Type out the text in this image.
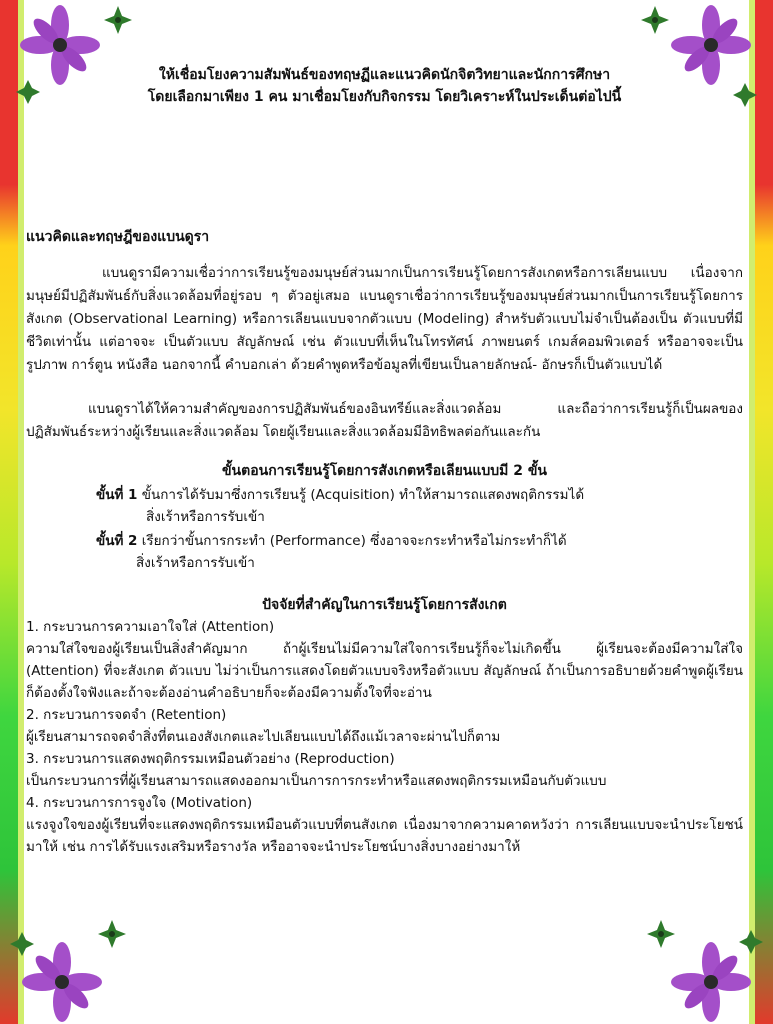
ให้เชื่อมโยงความสัมพันธ์ของทฤษฏีและแนวคิดนักจิตวิทยาและนักการศึกษา
โดยเลือกมาเพียง 1 คน มาเชื่อมโยงกับกิจกรรม โดยวิเคราะห์ในประเด็นต่อไปนี้
แนวคิดและทฤษฎีของแบนดูรา
แบนดูรามีความเชื่อว่าการเรียนรู้ของมนุษย์ส่วนมากเป็นการเรียนรู้โดยการสังเกตหรือการเลียนแบบ เนื่องจากมนุษย์มีปฏิสัมพันธ์กับสิ่งแวดล้อมที่อยู่รอบ ๆ ตัวอยู่เสมอ แบนดูราเชื่อว่าการเรียนรู้ของมนุษย์ส่วนมากเป็นการเรียนรู้โดยการสังเกต (Observational Learning) หรือการเลียนแบบจากตัวแบบ (Modeling) สำหรับตัวแบบไม่จำเป็นต้องเป็น ตัวแบบที่มีชีวิตเท่านั้น แต่อาจจะ เป็นตัวแบบ สัญลักษณ์ เช่น ตัวแบบที่เห็นในโทรทัศน์ ภาพยนตร์ เกมส์คอมพิวเตอร์ หรืออาจจะเป็น รูปภาพ การ์ตูน หนังสือ นอกจากนี้ คำบอกเล่า ด้วยคำพูดหรือข้อมูลที่เขียนเป็นลายลักษณ์- อักษรก็เป็นตัวแบบได้
แบนดูราได้ให้ความสำคัญของการปฏิสัมพันธ์ของอินทรีย์และสิ่งแวดล้อม และถือว่าการเรียนรู้ก็เป็นผลของปฏิสัมพันธ์ระหว่างผู้เรียนและสิ่งแวดล้อม โดยผู้เรียนและสิ่งแวดล้อมมีอิทธิพลต่อกันและกัน
ขั้นตอนการเรียนรู้โดยการสังเกตหรือเลียนแบบมี 2 ขั้น
ขั้นที่ 1 ขั้นการได้รับมาซึ่งการเรียนรู้ (Acquisition) ทำให้สามารถแสดงพฤติกรรมได้
สิ่งเร้าหรือการรับเข้า
ขั้นที่ 2 เรียกว่าขั้นการกระทำ (Performance) ซึ่งอาจจะกระทำหรือไม่กระทำก็ได้
สิ่งเร้าหรือการรับเข้า
ปัจจัยที่สำคัญในการเรียนรู้โดยการสังเกต
1. กระบวนการความเอาใจใส่ (Attention)
ความใส่ใจของผู้เรียนเป็นสิ่งสำคัญมาก ถ้าผู้เรียนไม่มีความใส่ใจการเรียนรู้ก็จะไม่เกิดขึ้น ผู้เรียนจะต้องมีความใส่ใจ (Attention) ที่จะสังเกต ตัวแบบ ไม่ว่าเป็นการแสดงโดยตัวแบบจริงหรือตัวแบบ สัญลักษณ์ ถ้าเป็นการอธิบายด้วยคำพูดผู้เรียนก็ต้องตั้งใจฟังและถ้าจะต้องอ่านคำอธิบายก็จะต้องมีความตั้งใจที่จะอ่าน
2. กระบวนการจดจำ (Retention)
ผู้เรียนสามารถจดจำสิ่งที่ตนเองสังเกตและไปเลียนแบบได้ถึงแม้เวลาจะผ่านไปก็ตาม
3. กระบวนการแสดงพฤติกรรมเหมือนตัวอย่าง (Reproduction)
เป็นกระบวนการที่ผู้เรียนสามารถแสดงออกมาเป็นการการกระทำหรือแสดงพฤติกรรมเหมือนกับตัวแบบ
4. กระบวนการการจูงใจ (Motivation)
แรงจูงใจของผู้เรียนที่จะแสดงพฤติกรรมเหมือนตัวแบบที่ตนสังเกต เนื่องมาจากความคาดหวังว่า การเลียนแบบจะนำประโยชน์มาให้ เช่น การได้รับแรงเสริมหรือรางวัล หรืออาจจะนำประโยชน์บางสิ่งบางอย่างมาให้
